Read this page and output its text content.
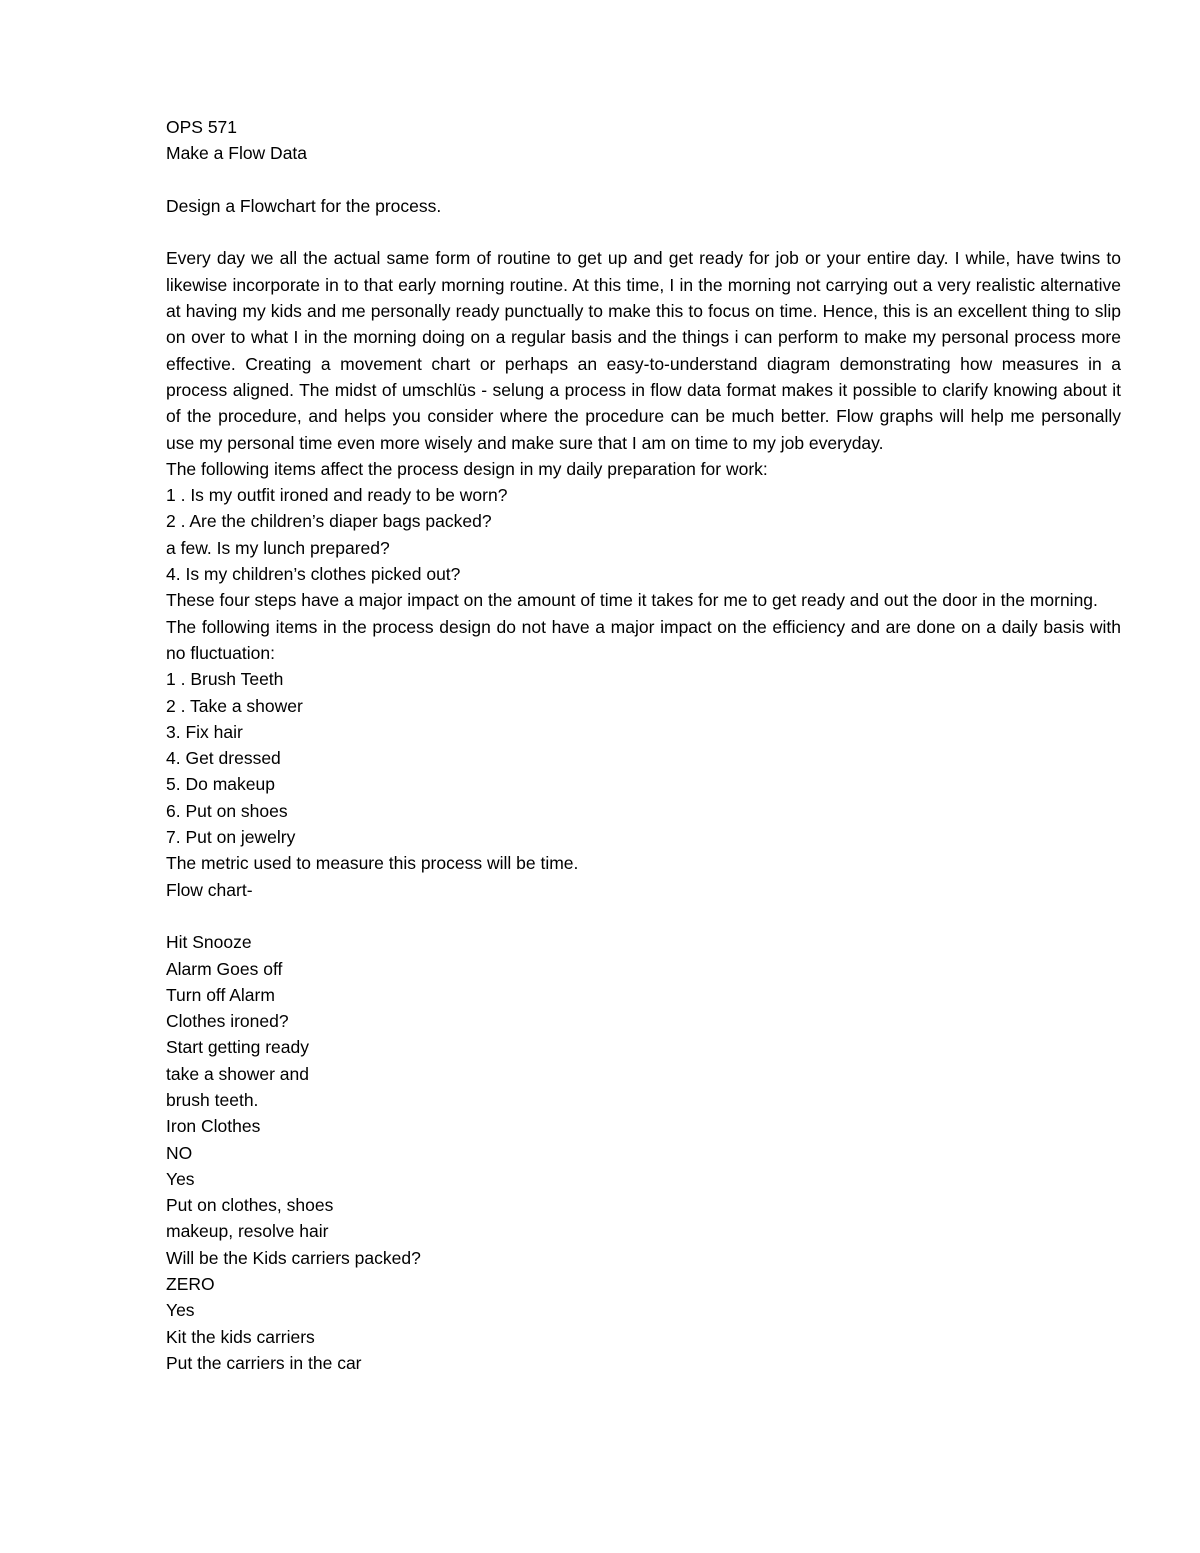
OPS 571
Make a Flow Data
Design a Flowchart for the process.
Every day we all the actual same form of routine to get up and get ready for job or your entire day. I while, have twins to likewise incorporate in to that early morning routine. At this time, I in the morning not carrying out a very realistic alternative at having my kids and me personally ready punctually to make this to focus on time. Hence, this is an excellent thing to slip on over to what I in the morning doing on a regular basis and the things i can perform to make my personal process more effective. Creating a movement chart or perhaps an easy-to-understand diagram demonstrating how measures in a process aligned. The midst of umschlüs - selung a process in flow data format makes it possible to clarify knowing about it of the procedure, and helps you consider where the procedure can be much better. Flow graphs will help me personally use my personal time even more wisely and make sure that I am on time to my job everyday.
The following items affect the process design in my daily preparation for work:
1 . Is my outfit ironed and ready to be worn?
2 . Are the children’s diaper bags packed?
a few. Is my lunch prepared?
4. Is my children’s clothes picked out?
These four steps have a major impact on the amount of time it takes for me to get ready and out the door in the morning.
The following items in the process design do not have a major impact on the efficiency and are done on a daily basis with no fluctuation:
1 . Brush Teeth
2 . Take a shower
3. Fix hair
4. Get dressed
5. Do makeup
6. Put on shoes
7. Put on jewelry
The metric used to measure this process will be time.
Flow chart-
Hit Snooze
Alarm Goes off
Turn off Alarm
Clothes ironed?
Start getting ready
take a shower and
brush teeth.
Iron Clothes
NO
Yes
Put on clothes, shoes
makeup, resolve hair
Will be the Kids carriers packed?
ZERO
Yes
Kit the kids carriers
Put the carriers in the car
